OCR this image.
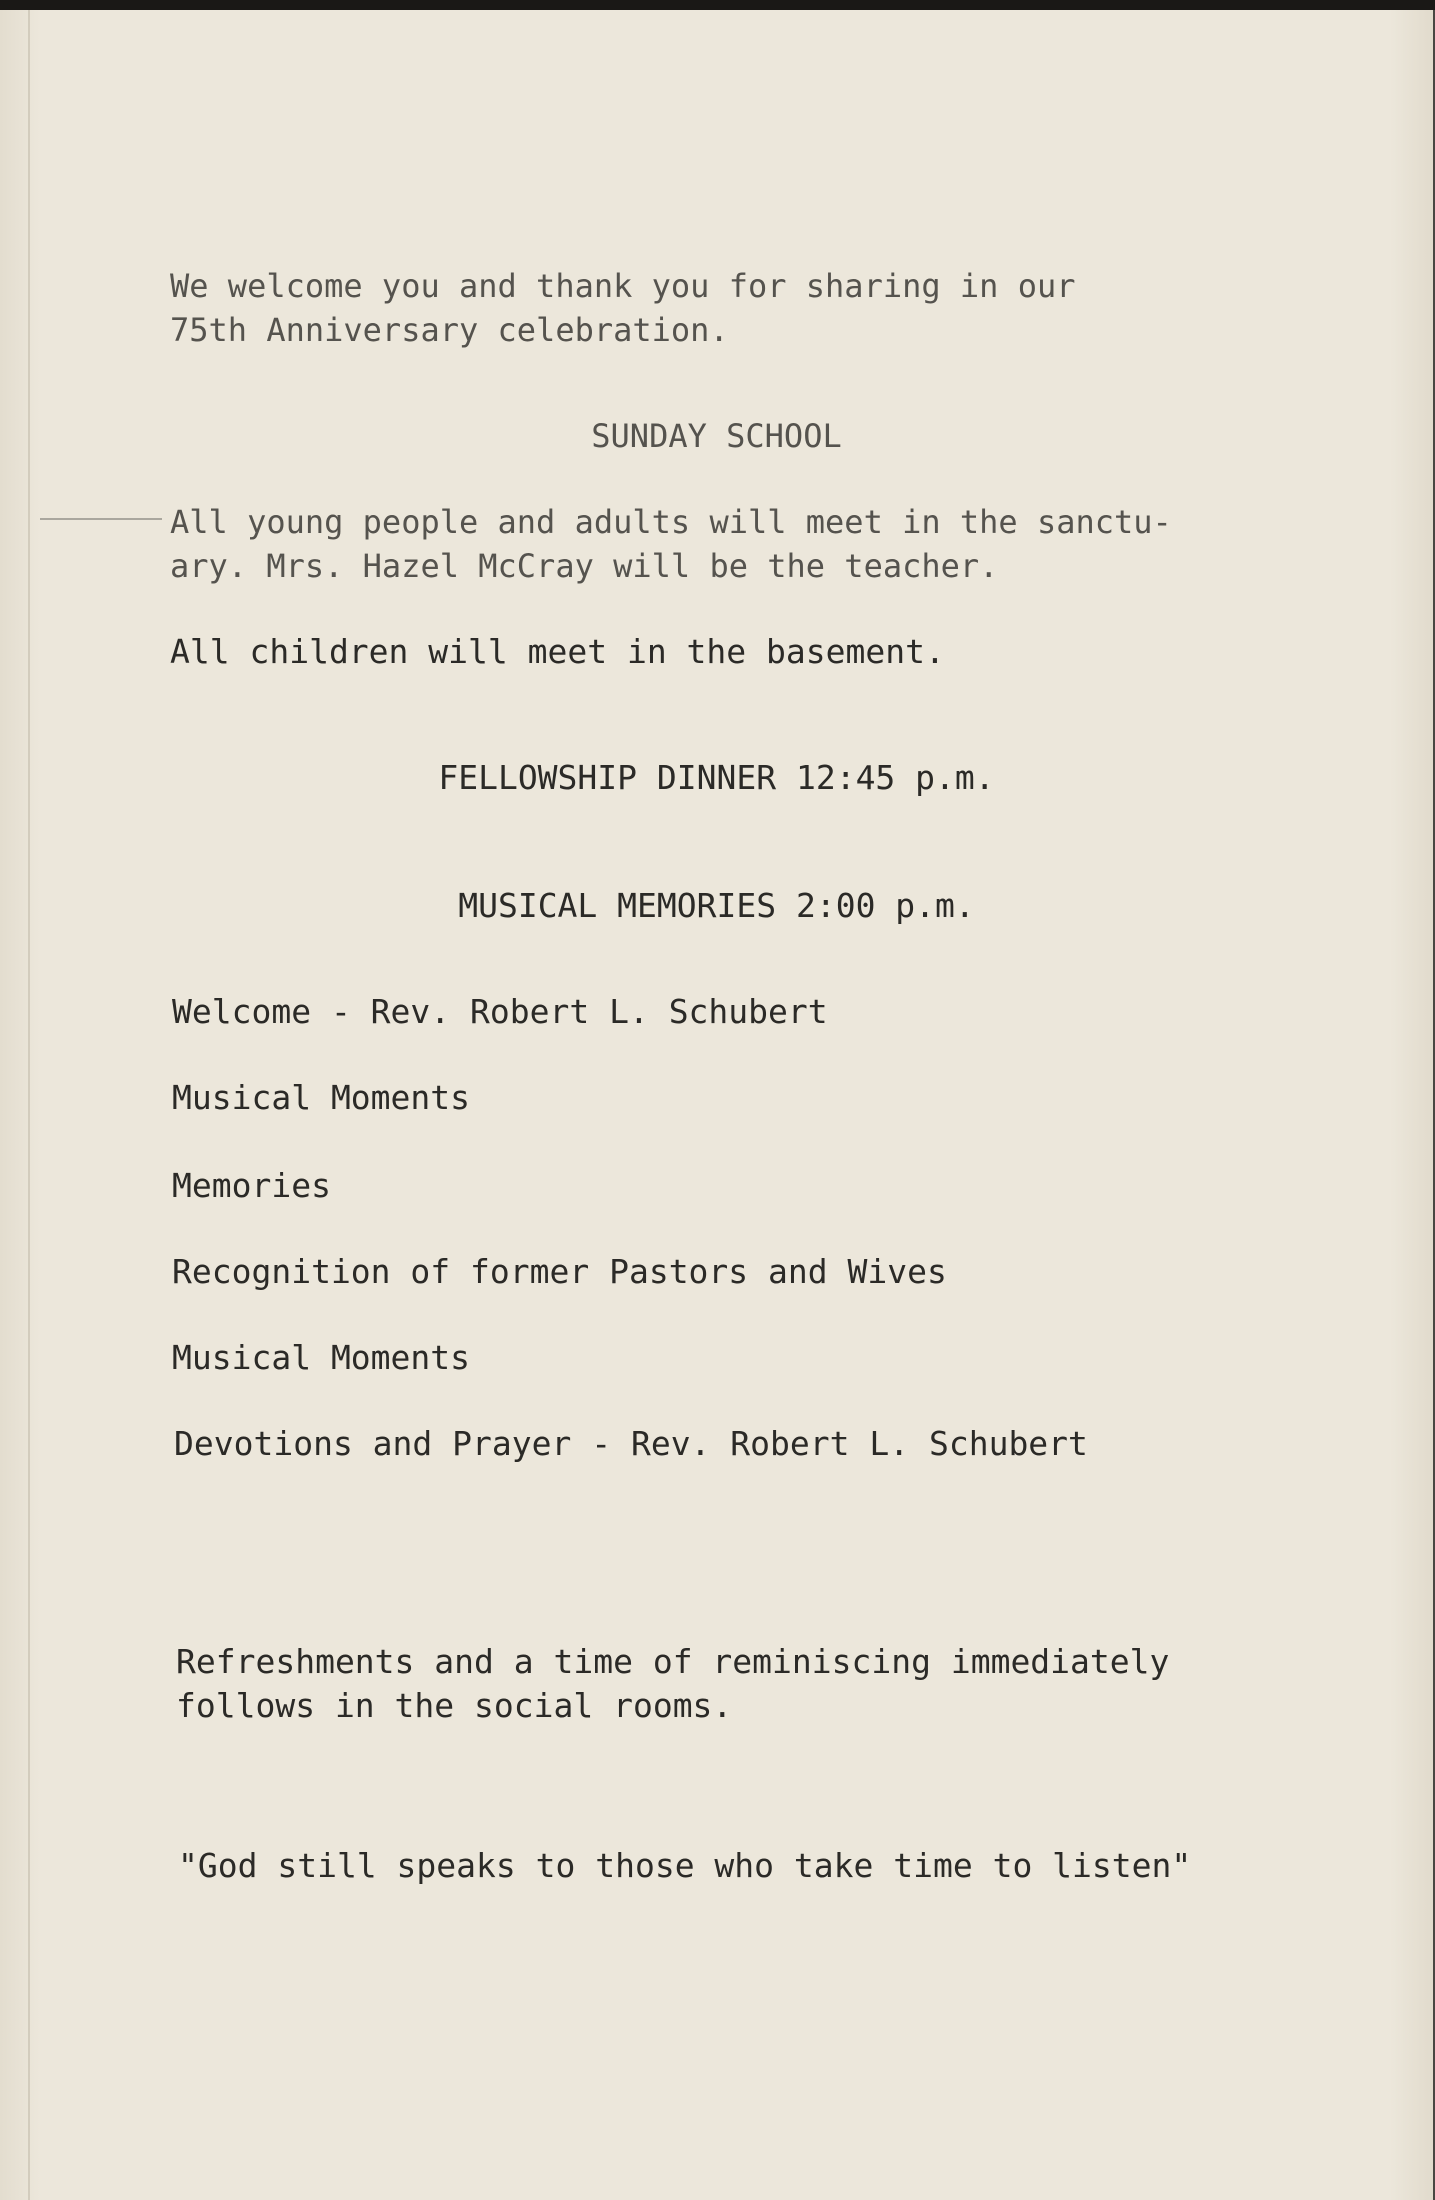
We welcome you and thank you for sharing in our
75th Anniversary celebration.
SUNDAY SCHOOL
All young people and adults will meet in the sanctu-
ary. Mrs. Hazel McCray will be the teacher.
All children will meet in the basement.
FELLOWSHIP DINNER 12:45 p.m.
MUSICAL MEMORIES 2:00 p.m.
Welcome - Rev. Robert L. Schubert
Musical Moments
Memories
Recognition of former Pastors and Wives
Musical Moments
Devotions and Prayer - Rev. Robert L. Schubert
Refreshments and a time of reminiscing immediately
follows in the social rooms.
"God still speaks to those who take time to listen"
